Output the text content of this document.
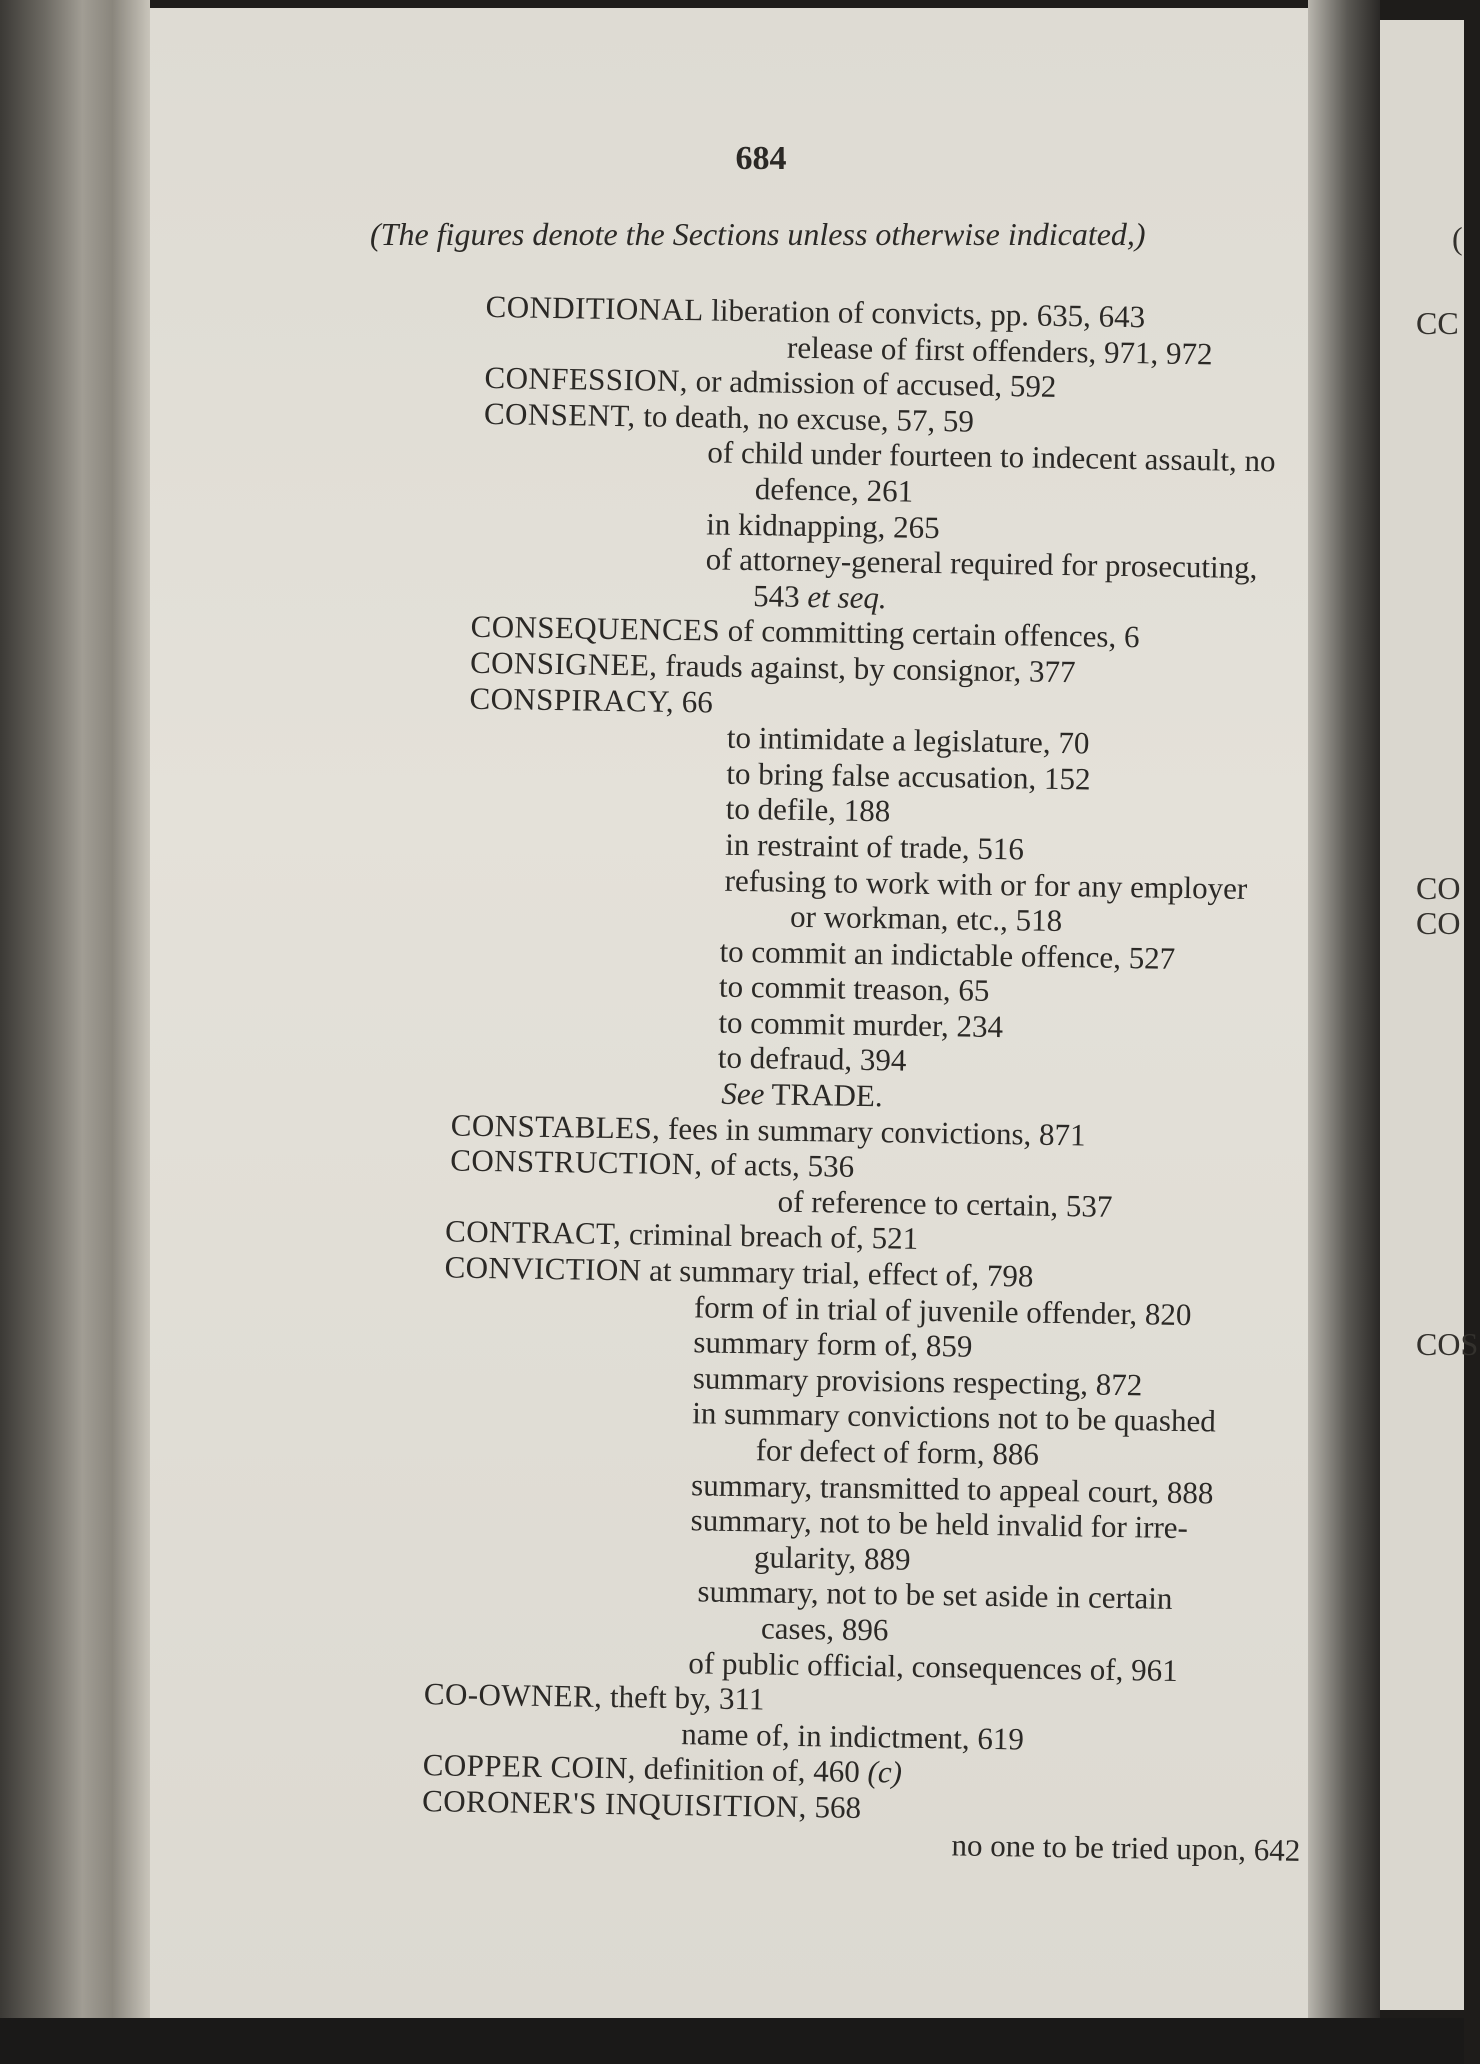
684
(The figures denote the Sections unless otherwise indicated,)
CONDITIONAL liberation of convicts, pp. 635, 643
release of first offenders, 971, 972
CONFESSION, or admission of accused, 592
CONSENT, to death, no excuse, 57, 59
of child under fourteen to indecent assault, no
defence, 261
in kidnapping, 265
of attorney-general required for prosecuting,
543 et seq.
CONSEQUENCES of committing certain offences, 6
CONSIGNEE, frauds against, by consignor, 377
CONSPIRACY, 66
to intimidate a legislature, 70
to bring false accusation, 152
to defile, 188
in restraint of trade, 516
refusing to work with or for any employer
or workman, etc., 518
to commit an indictable offence, 527
to commit treason, 65
to commit murder, 234
to defraud, 394
See TRADE.
CONSTABLES, fees in summary convictions, 871
CONSTRUCTION, of acts, 536
of reference to certain, 537
CONTRACT, criminal breach of, 521
CONVICTION at summary trial, effect of, 798
form of in trial of juvenile offender, 820
summary form of, 859
summary provisions respecting, 872
in summary convictions not to be quashed
for defect of form, 886
summary, transmitted to appeal court, 888
summary, not to be held invalid for irre-
gularity, 889
summary, not to be set aside in certain
cases, 896
of public official, consequences of, 961
CO-OWNER, theft by, 311
name of, in indictment, 619
COPPER COIN, definition of, 460 (c)
CORONER'S INQUISITION, 568
no one to be tried upon, 642
(
CC
CO
CO
COS
